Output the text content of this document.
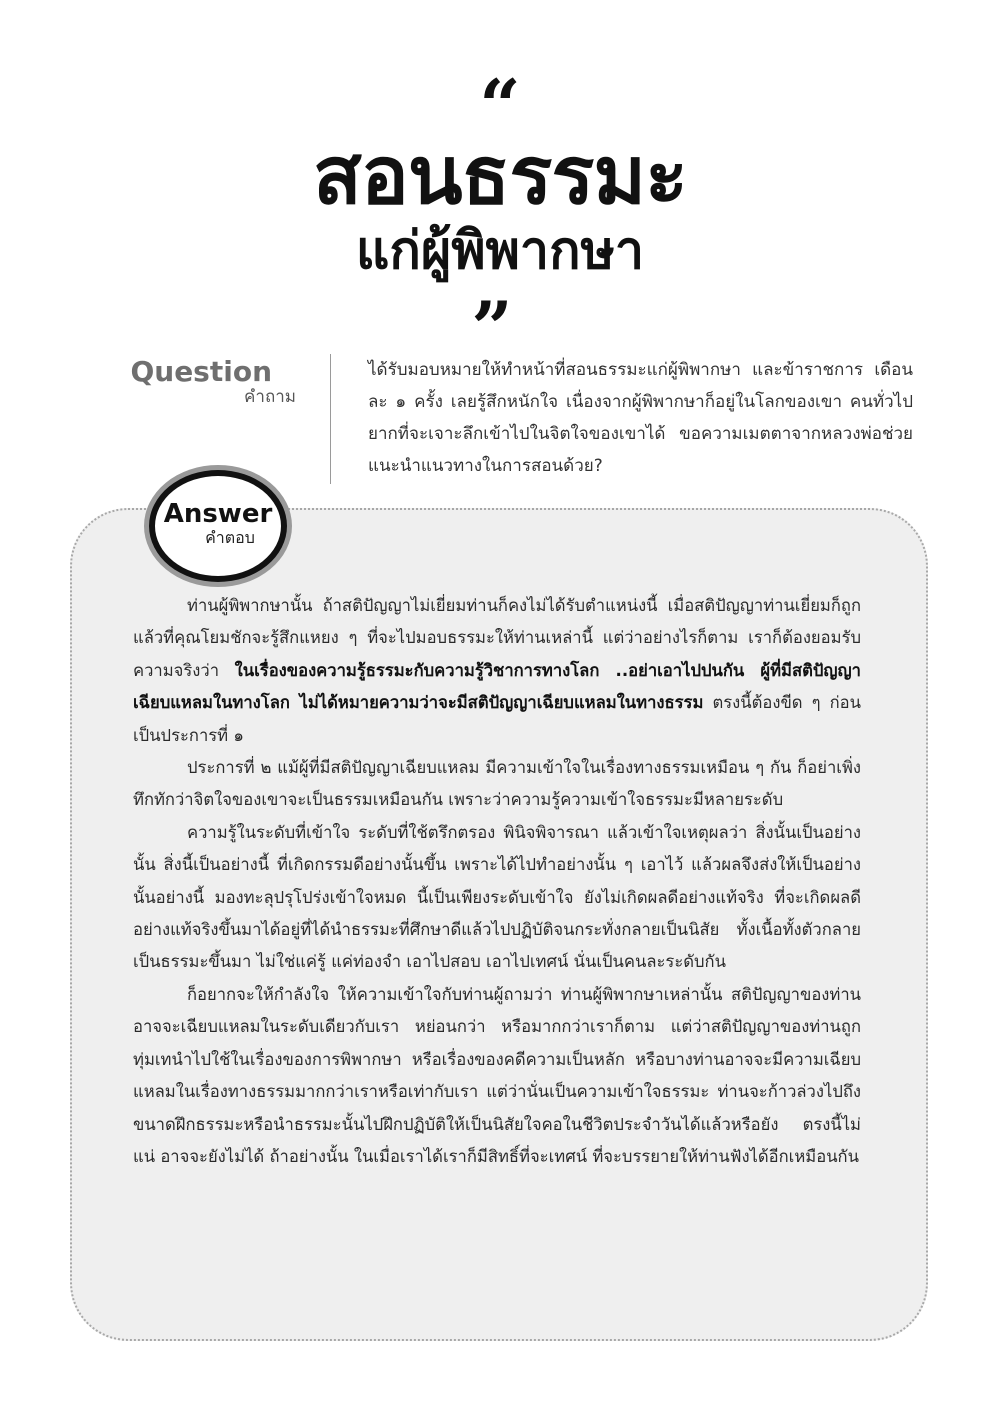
“
สอนธรรมะ
แก่ผู้พิพากษา
”
Question
คำถาม
ได้รับมอบหมายให้ทำหน้าที่สอนธรรมะแก่ผู้พิพากษา และข้าราชการ เดือนละ ๑ ครั้ง เลยรู้สึกหนักใจ เนื่องจากผู้พิพากษาก็อยู่ในโลกของเขา คนทั่วไปยากที่จะเจาะลึกเข้าไปในจิตใจของเขาได้ ขอความเมตตาจากหลวงพ่อช่วยแนะนำแนวทางในการสอนด้วย?
Answer
คำตอบ

ท่านผู้พิพากษานั้น ถ้าสติปัญญาไม่เยี่ยมท่านก็คงไม่ได้รับตำแหน่งนี้ เมื่อสติปัญญาท่านเยี่ยมก็ถูกแล้วที่คุณโยมชักจะรู้สึกแหยง ๆ ที่จะไปมอบธรรมะให้ท่านเหล่านี้ แต่ว่าอย่างไรก็ตาม เราก็ต้องยอมรับความจริงว่า ในเรื่องของความรู้ธรรมะกับความรู้วิชาการทางโลก ..อย่าเอาไปปนกัน ผู้ที่มีสติปัญญาเฉียบแหลมในทางโลก ไม่ได้หมายความว่าจะมีสติปัญญาเฉียบแหลมในทางธรรม ตรงนี้ต้องขีด ๆ ก่อนเป็นประการที่ ๑

ประการที่ ๒ แม้ผู้ที่มีสติปัญญาเฉียบแหลม มีความเข้าใจในเรื่องทางธรรมเหมือน ๆ กัน ก็อย่าเพิ่งทึกทักว่าจิตใจของเขาจะเป็นธรรมเหมือนกัน เพราะว่าความรู้ความเข้าใจธรรมะมีหลายระดับ

ความรู้ในระดับที่เข้าใจ ระดับที่ใช้ตรึกตรอง พินิจพิจารณา แล้วเข้าใจเหตุผลว่า สิ่งนั้นเป็นอย่างนั้น สิ่งนี้เป็นอย่างนี้ ที่เกิดกรรมดีอย่างนั้นขึ้น เพราะได้ไปทำอย่างนั้น ๆ เอาไว้ แล้วผลจึงส่งให้เป็นอย่างนั้นอย่างนี้ มองทะลุปรุโปร่งเข้าใจหมด นี้เป็นเพียงระดับเข้าใจ ยังไม่เกิดผลดีอย่างแท้จริง ที่จะเกิดผลดีอย่างแท้จริงขึ้นมาได้อยู่ที่ได้นำธรรมะที่ศึกษาดีแล้วไปปฏิบัติจนกระทั่งกลายเป็นนิสัย ทั้งเนื้อทั้งตัวกลายเป็นธรรมะขึ้นมา ไม่ใช่แค่รู้ แค่ท่องจำ เอาไปสอบ เอาไปเทศน์ นั่นเป็นคนละระดับกัน

ก็อยากจะให้กำลังใจ ให้ความเข้าใจกับท่านผู้ถามว่า ท่านผู้พิพากษาเหล่านั้น สติปัญญาของท่านอาจจะเฉียบแหลมในระดับเดียวกับเรา หย่อนกว่า หรือมากกว่าเราก็ตาม แต่ว่าสติปัญญาของท่านถูกทุ่มเทนำไปใช้ในเรื่องของการพิพากษา หรือเรื่องของคดีความเป็นหลัก หรือบางท่านอาจจะมีความเฉียบแหลมในเรื่องทางธรรมมากกว่าเราหรือเท่ากับเรา แต่ว่านั่นเป็นความเข้าใจธรรมะ ท่านจะก้าวล่วงไปถึงขนาดฝึกธรรมะหรือนำธรรมะนั้นไปฝึกปฏิบัติให้เป็นนิสัยใจคอในชีวิตประจำวันได้แล้วหรือยัง ตรงนี้ไม่แน่ อาจจะยังไม่ได้ ถ้าอย่างนั้น ในเมื่อเราได้เราก็มีสิทธิ์ที่จะเทศน์ ที่จะบรรยายให้ท่านฟังได้อีกเหมือนกัน
